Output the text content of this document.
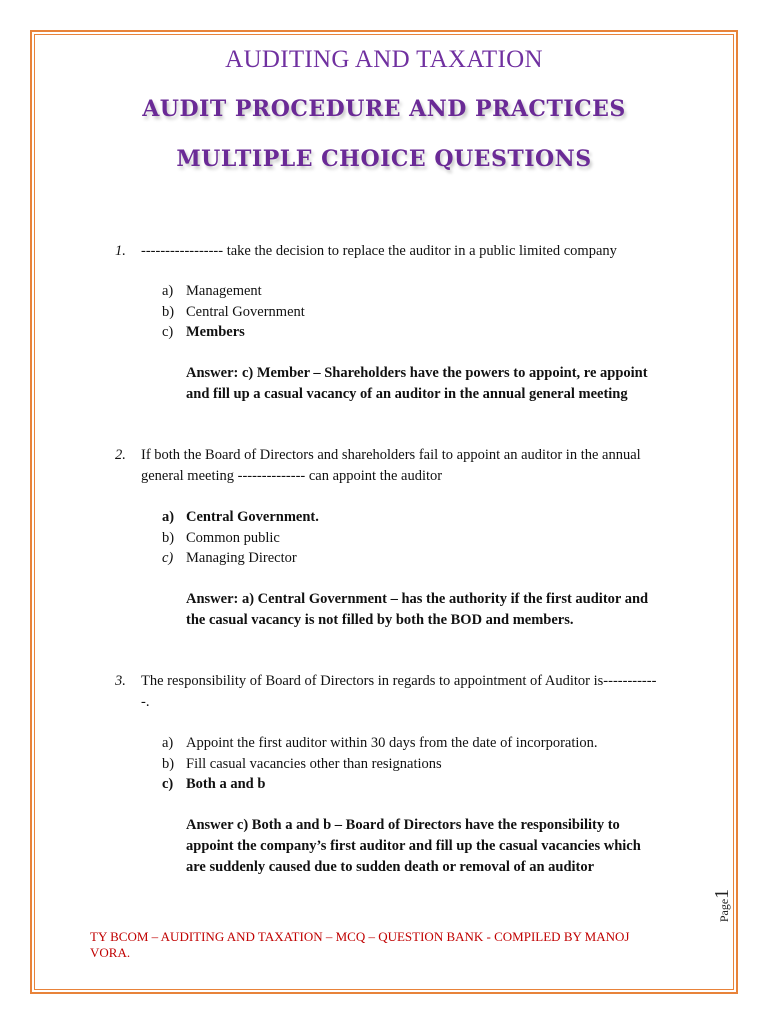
AUDITING AND TAXATION
AUDIT PROCEDURE AND PRACTICES
MULTIPLE CHOICE QUESTIONS
1. ----------------- take the decision to replace the auditor in a public limited company
a) Management
b) Central Government
c) Members
Answer: c) Member – Shareholders have the powers to appoint, re appoint
and fill up a casual vacancy of an auditor in the annual general meeting
2. If both the Board of Directors and shareholders fail to appoint an auditor in the annual
general meeting -------------- can appoint the auditor
a) Central Government.
b) Common public
c) Managing Director
Answer: a) Central Government – has the authority if the first auditor and
the casual vacancy is not filled by both the BOD and members.
3. The responsibility of Board of Directors in regards to appointment of Auditor is-----------
-.
a) Appoint the first auditor within 30 days from the date of incorporation.
b) Fill casual vacancies other than resignations
c) Both a and b
Answer c) Both a and b – Board of Directors have the responsibility to
appoint the company’s first auditor and fill up the casual vacancies which
are suddenly caused due to sudden death or removal of an auditor
Page1
TY BCOM – AUDITING AND TAXATION – MCQ – QUESTION BANK - COMPILED BY MANOJ
VORA.
